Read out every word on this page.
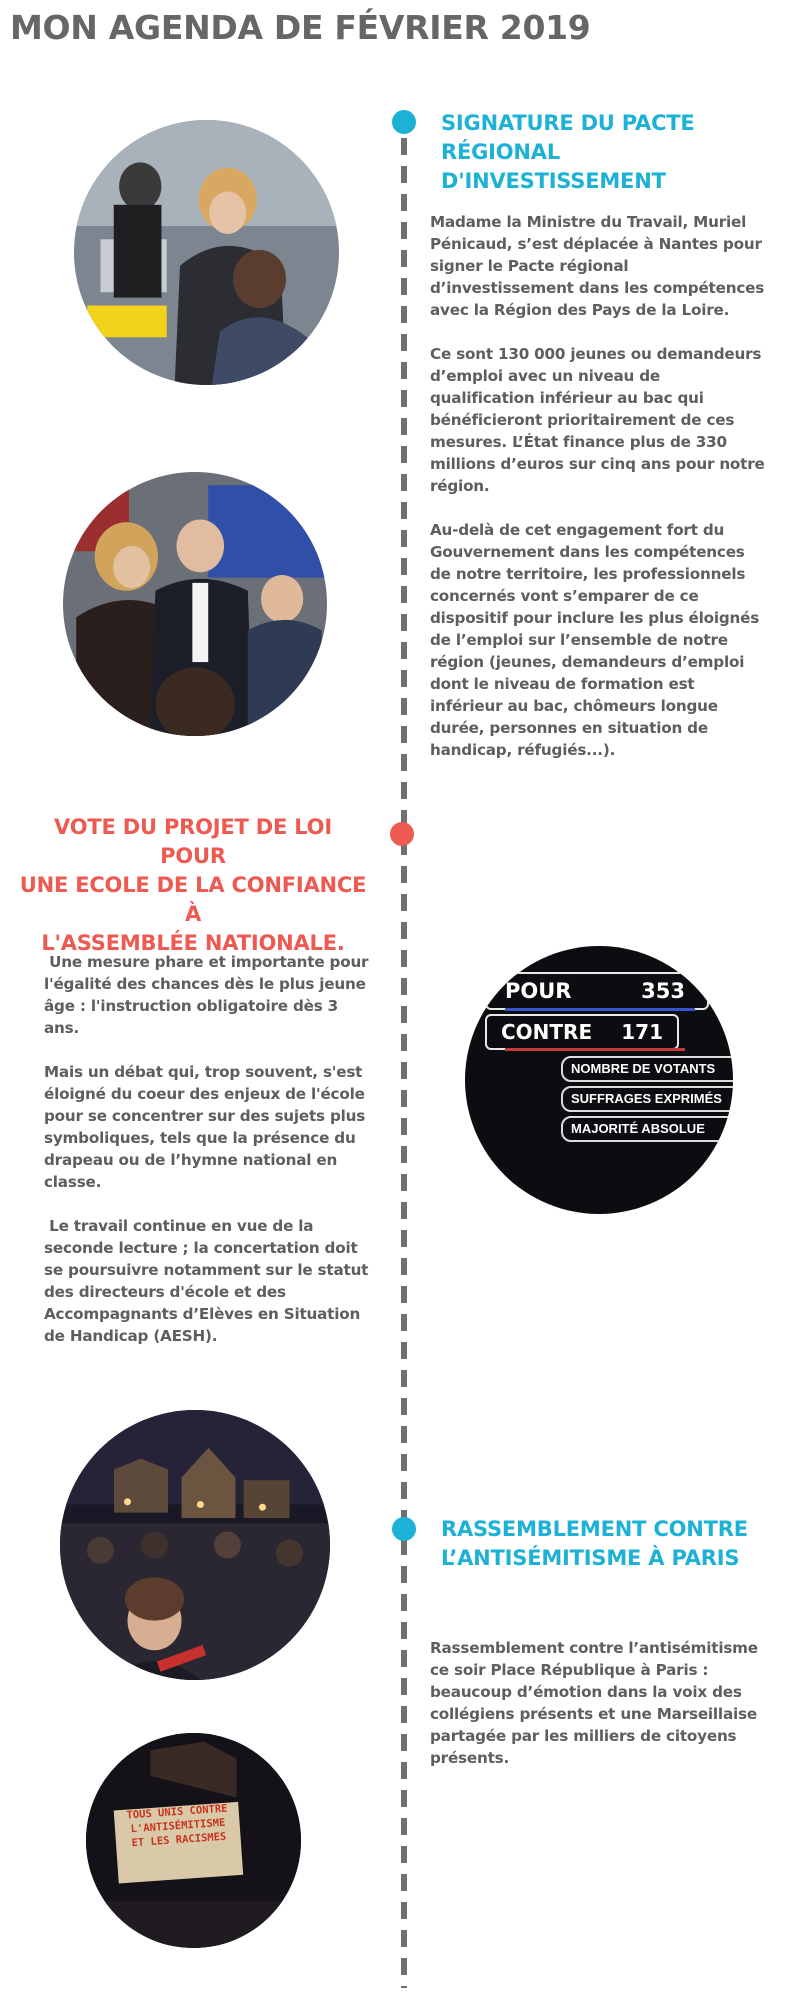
MON AGENDA DE FÉVRIER 2019
SIGNATURE DU PACTE
RÉGIONAL D'INVESTISSEMENT

Madame la Ministre du Travail, Muriel Pénicaud, s’est déplacée à Nantes pour signer le Pacte régional d’investissement dans les compétences avec la Région des Pays de la Loire.

Ce sont 130 000 jeunes ou demandeurs d’emploi avec un niveau de qualification inférieur au bac qui bénéficieront prioritairement de ces mesures. L’État finance plus de 330 millions d’euros sur cinq ans pour notre région.

Au-delà de cet engagement fort du Gouvernement dans les compétences de notre territoire, les professionnels concernés vont s’emparer de ce dispositif pour inclure les plus éloignés de l’emploi sur l’ensemble de notre région (jeunes, demandeurs d’emploi dont le niveau de formation est inférieur au bac, chômeurs longue durée, personnes en situation de handicap, réfugiés...).

VOTE DU PROJET DE LOI POUR
UNE ECOLE DE LA CONFIANCE À
L'ASSEMBLÉE NATIONALE.

Une mesure phare et importante pour l'égalité des chances dès le plus jeune âge : l'instruction obligatoire dès 3 ans.

Mais un débat qui, trop souvent, s'est éloigné du coeur des enjeux de l'école pour se concentrer sur des sujets plus symboliques, tels que la présence du drapeau ou de l’hymne national en classe.

Le travail continue en vue de la seconde lecture ; la concertation doit se poursuivre notamment sur le statut des directeurs d'école et des Accompagnants d’Elèves en Situation de Handicap (AESH).

POUR	353
CONTRE 171
NOMBRE DE VOTANTS
SUFFRAGES EXPRIMÉS
MAJORITÉ ABSOLUE
RASSEMBLEMENT CONTRE
L’ANTISÉMITISME À PARIS

Rassemblement contre l’antisémitisme ce soir Place République à Paris : beaucoup d’émotion dans la voix des collégiens présents et une Marseillaise partagée par les milliers de citoyens présents.

TOUS UNIS CONTRE
L'ANTISÉMITISME
ET LES RACISMES
